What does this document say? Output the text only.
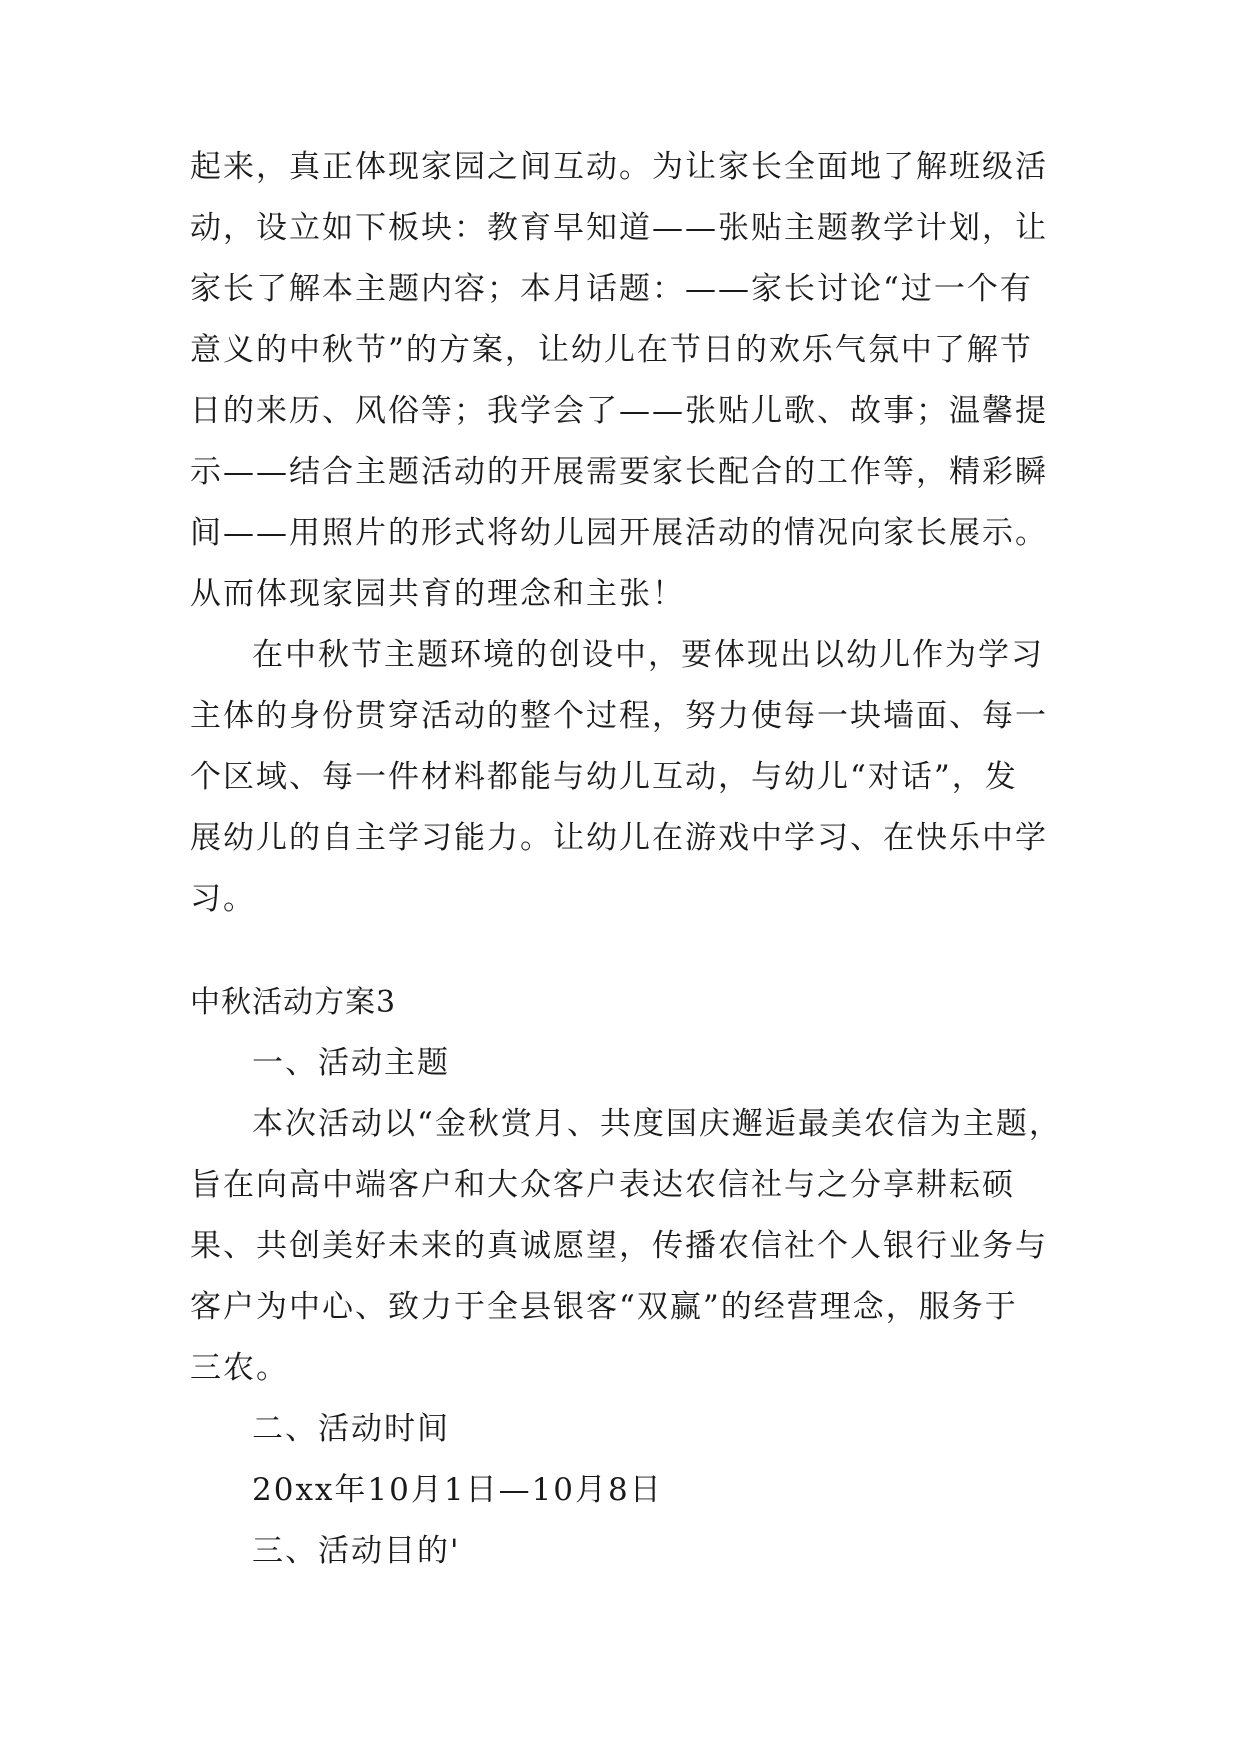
起来，真正体现家园之间互动。为让家长全面地了解班级活
动，设立如下板块：教育早知道——张贴主题教学计划，让
家长了解本主题内容；本月话题：——家长讨论“过一个有
意义的中秋节”的方案，让幼儿在节日的欢乐气氛中了解节
日的来历、风俗等；我学会了——张贴儿歌、故事；温馨提
示——结合主题活动的开展需要家长配合的工作等，精彩瞬
间——用照片的形式将幼儿园开展活动的情况向家长展示。
从而体现家园共育的理念和主张！
在中秋节主题环境的创设中，要体现出以幼儿作为学习
主体的身份贯穿活动的整个过程，努力使每一块墙面、每一
个区域、每一件材料都能与幼儿互动，与幼儿“对话”，发
展幼儿的自主学习能力。让幼儿在游戏中学习、在快乐中学
习。
中秋活动方案3
一、活动主题
本次活动以“金秋赏月、共度国庆邂逅最美农信为主题，
旨在向高中端客户和大众客户表达农信社与之分享耕耘硕
果、共创美好未来的真诚愿望，传播农信社个人银行业务与
客户为中心、致力于全县银客“双赢”的经营理念，服务于
三农。
二、活动时间
20xx年10月1日—10月8日
三、活动目的'
